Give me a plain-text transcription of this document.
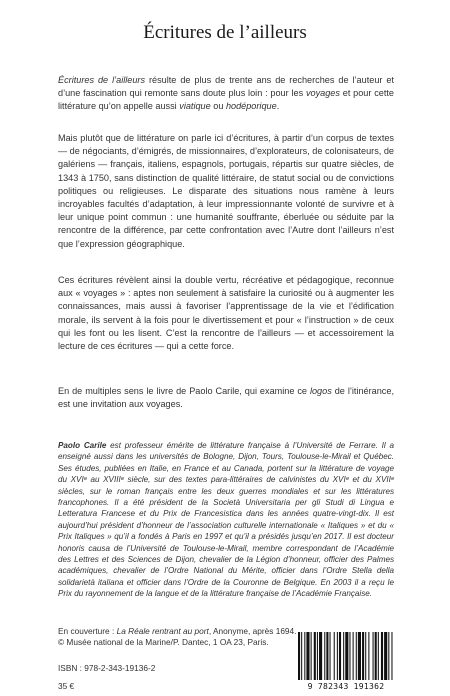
Écritures de l’ailleurs

Écritures de l’ailleurs résulte de plus de trente ans de recherches de l’auteur et d’une fascination qui remonte sans doute plus loin : pour les voyages et pour cette littérature qu’on appelle aussi viatique ou hodéporique.

Mais plutôt que de littérature on parle ici d’écritures, à partir d’un corpus de textes — de négociants, d’émigrés, de missionnaires, d’explorateurs, de colonisateurs, de galériens — français, italiens, espagnols, portugais, répartis sur quatre siècles, de 1343 à 1750, sans distinction de qualité littéraire, de statut social ou de convictions politiques ou religieuses. Le disparate des situations nous ramène à leurs incroyables facultés d’adaptation, à leur impressionnante volonté de survivre et à leur unique point commun : une humanité souffrante, éberluée ou séduite par la rencontre de la différence, par cette confrontation avec l’Autre dont l’ailleurs n’est que l’expression géographique.

Ces écritures révèlent ainsi la double vertu, récréative et pédagogique, reconnue aux « voyages » : aptes non seulement à satisfaire la curiosité ou à augmenter les connaissances, mais aussi à favoriser l’apprentissage de la vie et l’édification morale, ils servent à la fois pour le divertissement et pour « l’instruction » de ceux qui les font ou les lisent. C’est la rencontre de l’ailleurs — et accessoirement la lecture de ces écritures — qui a cette force.

En de multiples sens le livre de Paolo Carile, qui examine ce logos de l’itinérance, est une invitation aux voyages.

Paolo Carile est professeur émérite de littérature française à l’Université de Ferrare. Il a enseigné aussi dans les universités de Bologne, Dijon, Tours, Toulouse-le-Mirail et Québec. Ses études, publiées en Italie, en France et au Canada, portent sur la littérature de voyage du XVIᵉ au XVIIIᵉ siècle, sur des textes para-littéraires de calvinistes du XVIᵉ et du XVIIᵉ siècles, sur le roman français entre les deux guerres mondiales et sur les littératures francophones. Il a été président de la Società Universitaria per gli Studi di Lingua e Letteratura Francese et du Prix de Francesistica dans les années quatre-vingt-dix. Il est aujourd’hui président d’honneur de l’association culturelle internationale « Italiques » et du « Prix Italiques » qu’il a fondés à Paris en 1997 et qu’il a présidés jusqu’en 2017. Il est docteur honoris causa de l’Université de Toulouse-le-Mirail, membre correspondant de l’Académie des Lettres et des Sciences de Dijon, chevalier de la Légion d’honneur, officier des Palmes académiques, chevalier de l’Ordre National du Mérite, officier dans l’Ordre Stella della solidarietà italiana et officier dans l’Ordre de la Couronne de Belgique. En 2003 il a reçu le Prix du rayonnement de la langue et de la littérature française de l’Académie Française.
En couverture : La Réale rentrant au port, Anonyme, après 1694.
© Musée national de la Marine/P. Dantec, 1 OA 23, Paris.
ISBN : 978-2-343-19136-2
35 €	9 782343 191362
